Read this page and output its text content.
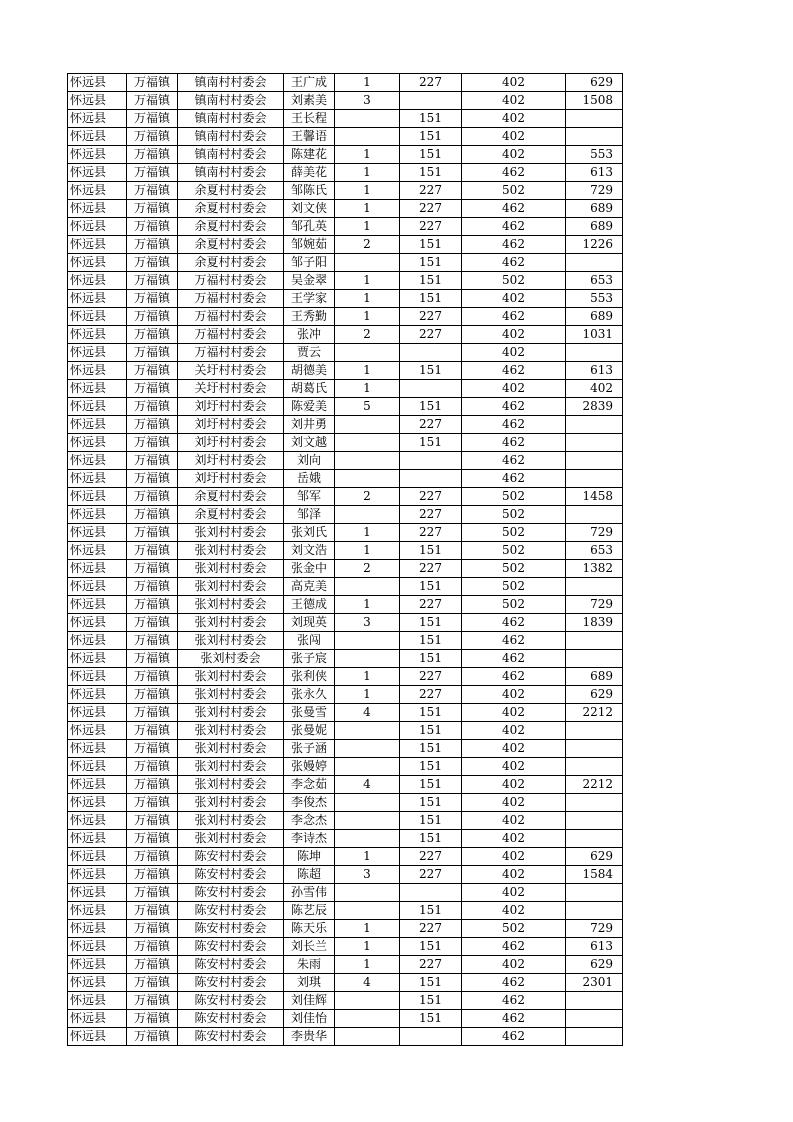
怀远县	万福镇	镇南村村委会	王广成	1	227	402	629
怀远县	万福镇	镇南村村委会	刘素美	3		402	1508
怀远县	万福镇	镇南村村委会	王长程		151	402	
怀远县	万福镇	镇南村村委会	王馨语		151	402	
怀远县	万福镇	镇南村村委会	陈建花	1	151	402	553
怀远县	万福镇	镇南村村委会	薛美花	1	151	462	613
怀远县	万福镇	余夏村村委会	邹陈氏	1	227	502	729
怀远县	万福镇	余夏村村委会	刘文侠	1	227	462	689
怀远县	万福镇	余夏村村委会	邹孔英	1	227	462	689
怀远县	万福镇	余夏村村委会	邹婉茹	2	151	462	1226
怀远县	万福镇	余夏村村委会	邹子阳		151	462	
怀远县	万福镇	万福村村委会	吴金翠	1	151	502	653
怀远县	万福镇	万福村村委会	王学家	1	151	402	553
怀远县	万福镇	万福村村委会	王秀勤	1	227	462	689
怀远县	万福镇	万福村村委会	张冲	2	227	402	1031
怀远县	万福镇	万福村村委会	贾云			402	
怀远县	万福镇	关圩村村委会	胡德美	1	151	462	613
怀远县	万福镇	关圩村村委会	胡葛氏	1		402	402
怀远县	万福镇	刘圩村村委会	陈爱美	5	151	462	2839
怀远县	万福镇	刘圩村村委会	刘井勇		227	462	
怀远县	万福镇	刘圩村村委会	刘文越		151	462	
怀远县	万福镇	刘圩村村委会	刘向			462	
怀远县	万福镇	刘圩村村委会	岳娥			462	
怀远县	万福镇	余夏村村委会	邹军	2	227	502	1458
怀远县	万福镇	余夏村村委会	邹泽		227	502	
怀远县	万福镇	张刘村村委会	张刘氏	1	227	502	729
怀远县	万福镇	张刘村村委会	刘文浩	1	151	502	653
怀远县	万福镇	张刘村村委会	张金中	2	227	502	1382
怀远县	万福镇	张刘村村委会	高克美		151	502	
怀远县	万福镇	张刘村村委会	王德成	1	227	502	729
怀远县	万福镇	张刘村村委会	刘现英	3	151	462	1839
怀远县	万福镇	张刘村村委会	张闯		151	462	
怀远县	万福镇	张刘村委会	张子宸		151	462	
怀远县	万福镇	张刘村村委会	张利侠	1	227	462	689
怀远县	万福镇	张刘村村委会	张永久	1	227	402	629
怀远县	万福镇	张刘村村委会	张曼雪	4	151	402	2212
怀远县	万福镇	张刘村村委会	张曼妮		151	402	
怀远县	万福镇	张刘村村委会	张子涵		151	402	
怀远县	万福镇	张刘村村委会	张嫚婷		151	402	
怀远县	万福镇	张刘村村委会	李念茹	4	151	402	2212
怀远县	万福镇	张刘村村委会	李俊杰		151	402	
怀远县	万福镇	张刘村村委会	李念杰		151	402	
怀远县	万福镇	张刘村村委会	李诗杰		151	402	
怀远县	万福镇	陈安村村委会	陈坤	1	227	402	629
怀远县	万福镇	陈安村村委会	陈超	3	227	402	1584
怀远县	万福镇	陈安村村委会	孙雪伟			402	
怀远县	万福镇	陈安村村委会	陈艺辰		151	402	
怀远县	万福镇	陈安村村委会	陈天乐	1	227	502	729
怀远县	万福镇	陈安村村委会	刘长兰	1	151	462	613
怀远县	万福镇	陈安村村委会	朱雨	1	227	402	629
怀远县	万福镇	陈安村村委会	刘琪	4	151	462	2301
怀远县	万福镇	陈安村村委会	刘佳辉		151	462	
怀远县	万福镇	陈安村村委会	刘佳怡		151	462	
怀远县	万福镇	陈安村村委会	李贵华			462	
